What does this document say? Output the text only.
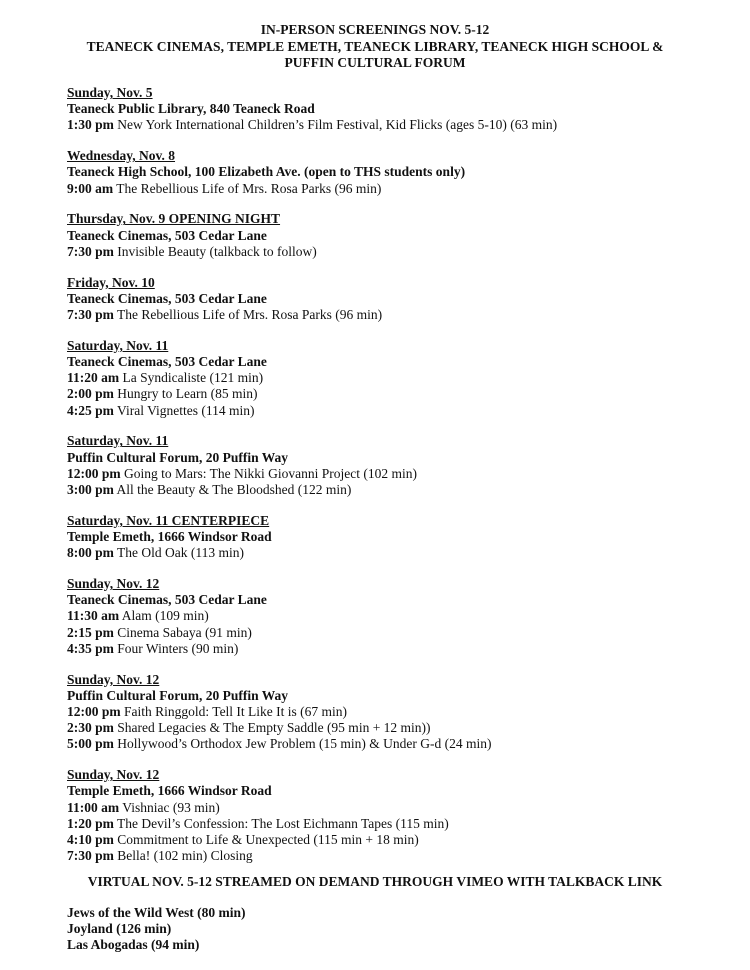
IN-PERSON SCREENINGS NOV. 5-12
TEANECK CINEMAS, TEMPLE EMETH, TEANECK LIBRARY, TEANECK HIGH SCHOOL &
PUFFIN CULTURAL FORUM
Sunday, Nov. 5
Teaneck Public Library, 840 Teaneck Road
1:30 pm New York International Children’s Film Festival, Kid Flicks (ages 5-10) (63 min)
Wednesday, Nov. 8
Teaneck High School, 100 Elizabeth Ave. (open to THS students only)
9:00 am The Rebellious Life of Mrs. Rosa Parks (96 min)
Thursday, Nov. 9 OPENING NIGHT
Teaneck Cinemas, 503 Cedar Lane
7:30 pm Invisible Beauty (talkback to follow)
Friday, Nov. 10
Teaneck Cinemas, 503 Cedar Lane
7:30 pm The Rebellious Life of Mrs. Rosa Parks (96 min)
Saturday, Nov. 11
Teaneck Cinemas, 503 Cedar Lane
11:20 am La Syndicaliste (121 min)
2:00 pm Hungry to Learn (85 min)
4:25 pm Viral Vignettes (114 min)
Saturday, Nov. 11
Puffin Cultural Forum, 20 Puffin Way
12:00 pm Going to Mars: The Nikki Giovanni Project (102 min)
3:00 pm All the Beauty & The Bloodshed (122 min)
Saturday, Nov. 11 CENTERPIECE
Temple Emeth, 1666 Windsor Road
8:00 pm The Old Oak (113 min)
Sunday, Nov. 12
Teaneck Cinemas, 503 Cedar Lane
11:30 am Alam (109 min)
2:15 pm Cinema Sabaya (91 min)
4:35 pm Four Winters (90 min)
Sunday, Nov. 12
Puffin Cultural Forum, 20 Puffin Way
12:00 pm Faith Ringgold: Tell It Like It is (67 min)
2:30 pm Shared Legacies & The Empty Saddle (95 min + 12 min))
5:00 pm Hollywood’s Orthodox Jew Problem (15 min) & Under G-d (24 min)
Sunday, Nov. 12
Temple Emeth, 1666 Windsor Road
11:00 am Vishniac (93 min)
1:20 pm The Devil’s Confession: The Lost Eichmann Tapes (115 min)
4:10 pm Commitment to Life & Unexpected (115 min + 18 min)
7:30 pm Bella! (102 min) Closing
VIRTUAL NOV. 5-12 STREAMED ON DEMAND THROUGH VIMEO WITH TALKBACK LINK
Jews of the Wild West (80 min)
Joyland (126 min)
Las Abogadas (94 min)
